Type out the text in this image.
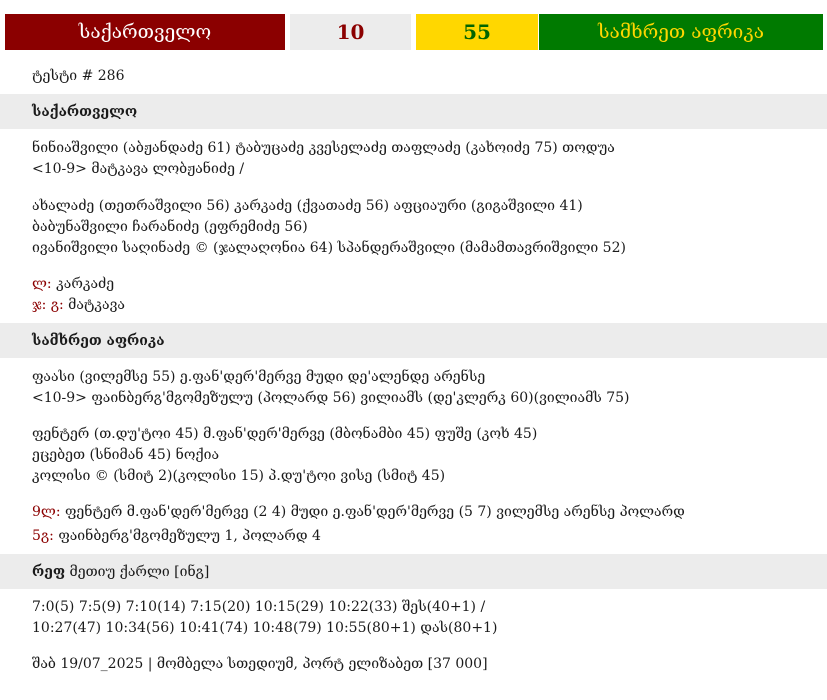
საქართველო	10	55	სამხრეთ აფრიკა
ტესტი # 286
საქართველო
ნინიაშვილი (აბჟანდაძე 61) ტაბუცაძე კვესელაძე თაფლაძე (კახოიძე 75) თოდუა
<10-9> მატკავა ლობჟანიძე /
ახალაძე (თეთრაშვილი 56) კარკაძე (ქვათაძე 56) აფციაური (გიგაშვილი 41)
ბაბუნაშვილი ჩარანიძე (ეფრემიძე 56)
ივანიშვილი საღინაძე © (ჯალაღონია 64) სპანდერაშვილი (მამამთავრიშვილი 52)
ლ: კარკაძე
ჯ: გ: მატკავა
სამხრეთ აფრიკა
ფაასი (ვილემსე 55) ე.ფან'დერ'მერვე მუდი დე'ალენდე არენსე
<10-9> ფაინბერგ'მგომეზულუ (პოლარდ 56) ვილიამს (დე'კლერკ 60)(ვილიამს 75)
ფენტერ (თ.დუ'ტოი 45) მ.ფან'დერ'მერვე (მბონამბი 45) ფუშე (კოხ 45)
ეცებეთ (სნიმან 45) ნოქია
კოლისი © (სმიტ 2)(კოლისი 15) პ.დუ'ტოი ვისე (სმიტ 45)
9ლ: ფენტერ მ.ფან'დერ'მერვე (2 4) მუდი ე.ფან'დერ'მერვე (5 7) ვილემსე არენსე პოლარდ
5გ: ფაინბერგ'მგომეზულუ 1, პოლარდ 4
რეფ მეთიუ ქარლი [ინგ]
7:0(5) 7:5(9) 7:10(14) 7:15(20) 10:15(29) 10:22(33) შეს(40+1) /
10:27(47) 10:34(56) 10:41(74) 10:48(79) 10:55(80+1) დას(80+1)
შაბ 19/07_2025 | მომბელა სთედიუმ, პორტ ელიზაბეთ [37 000]
